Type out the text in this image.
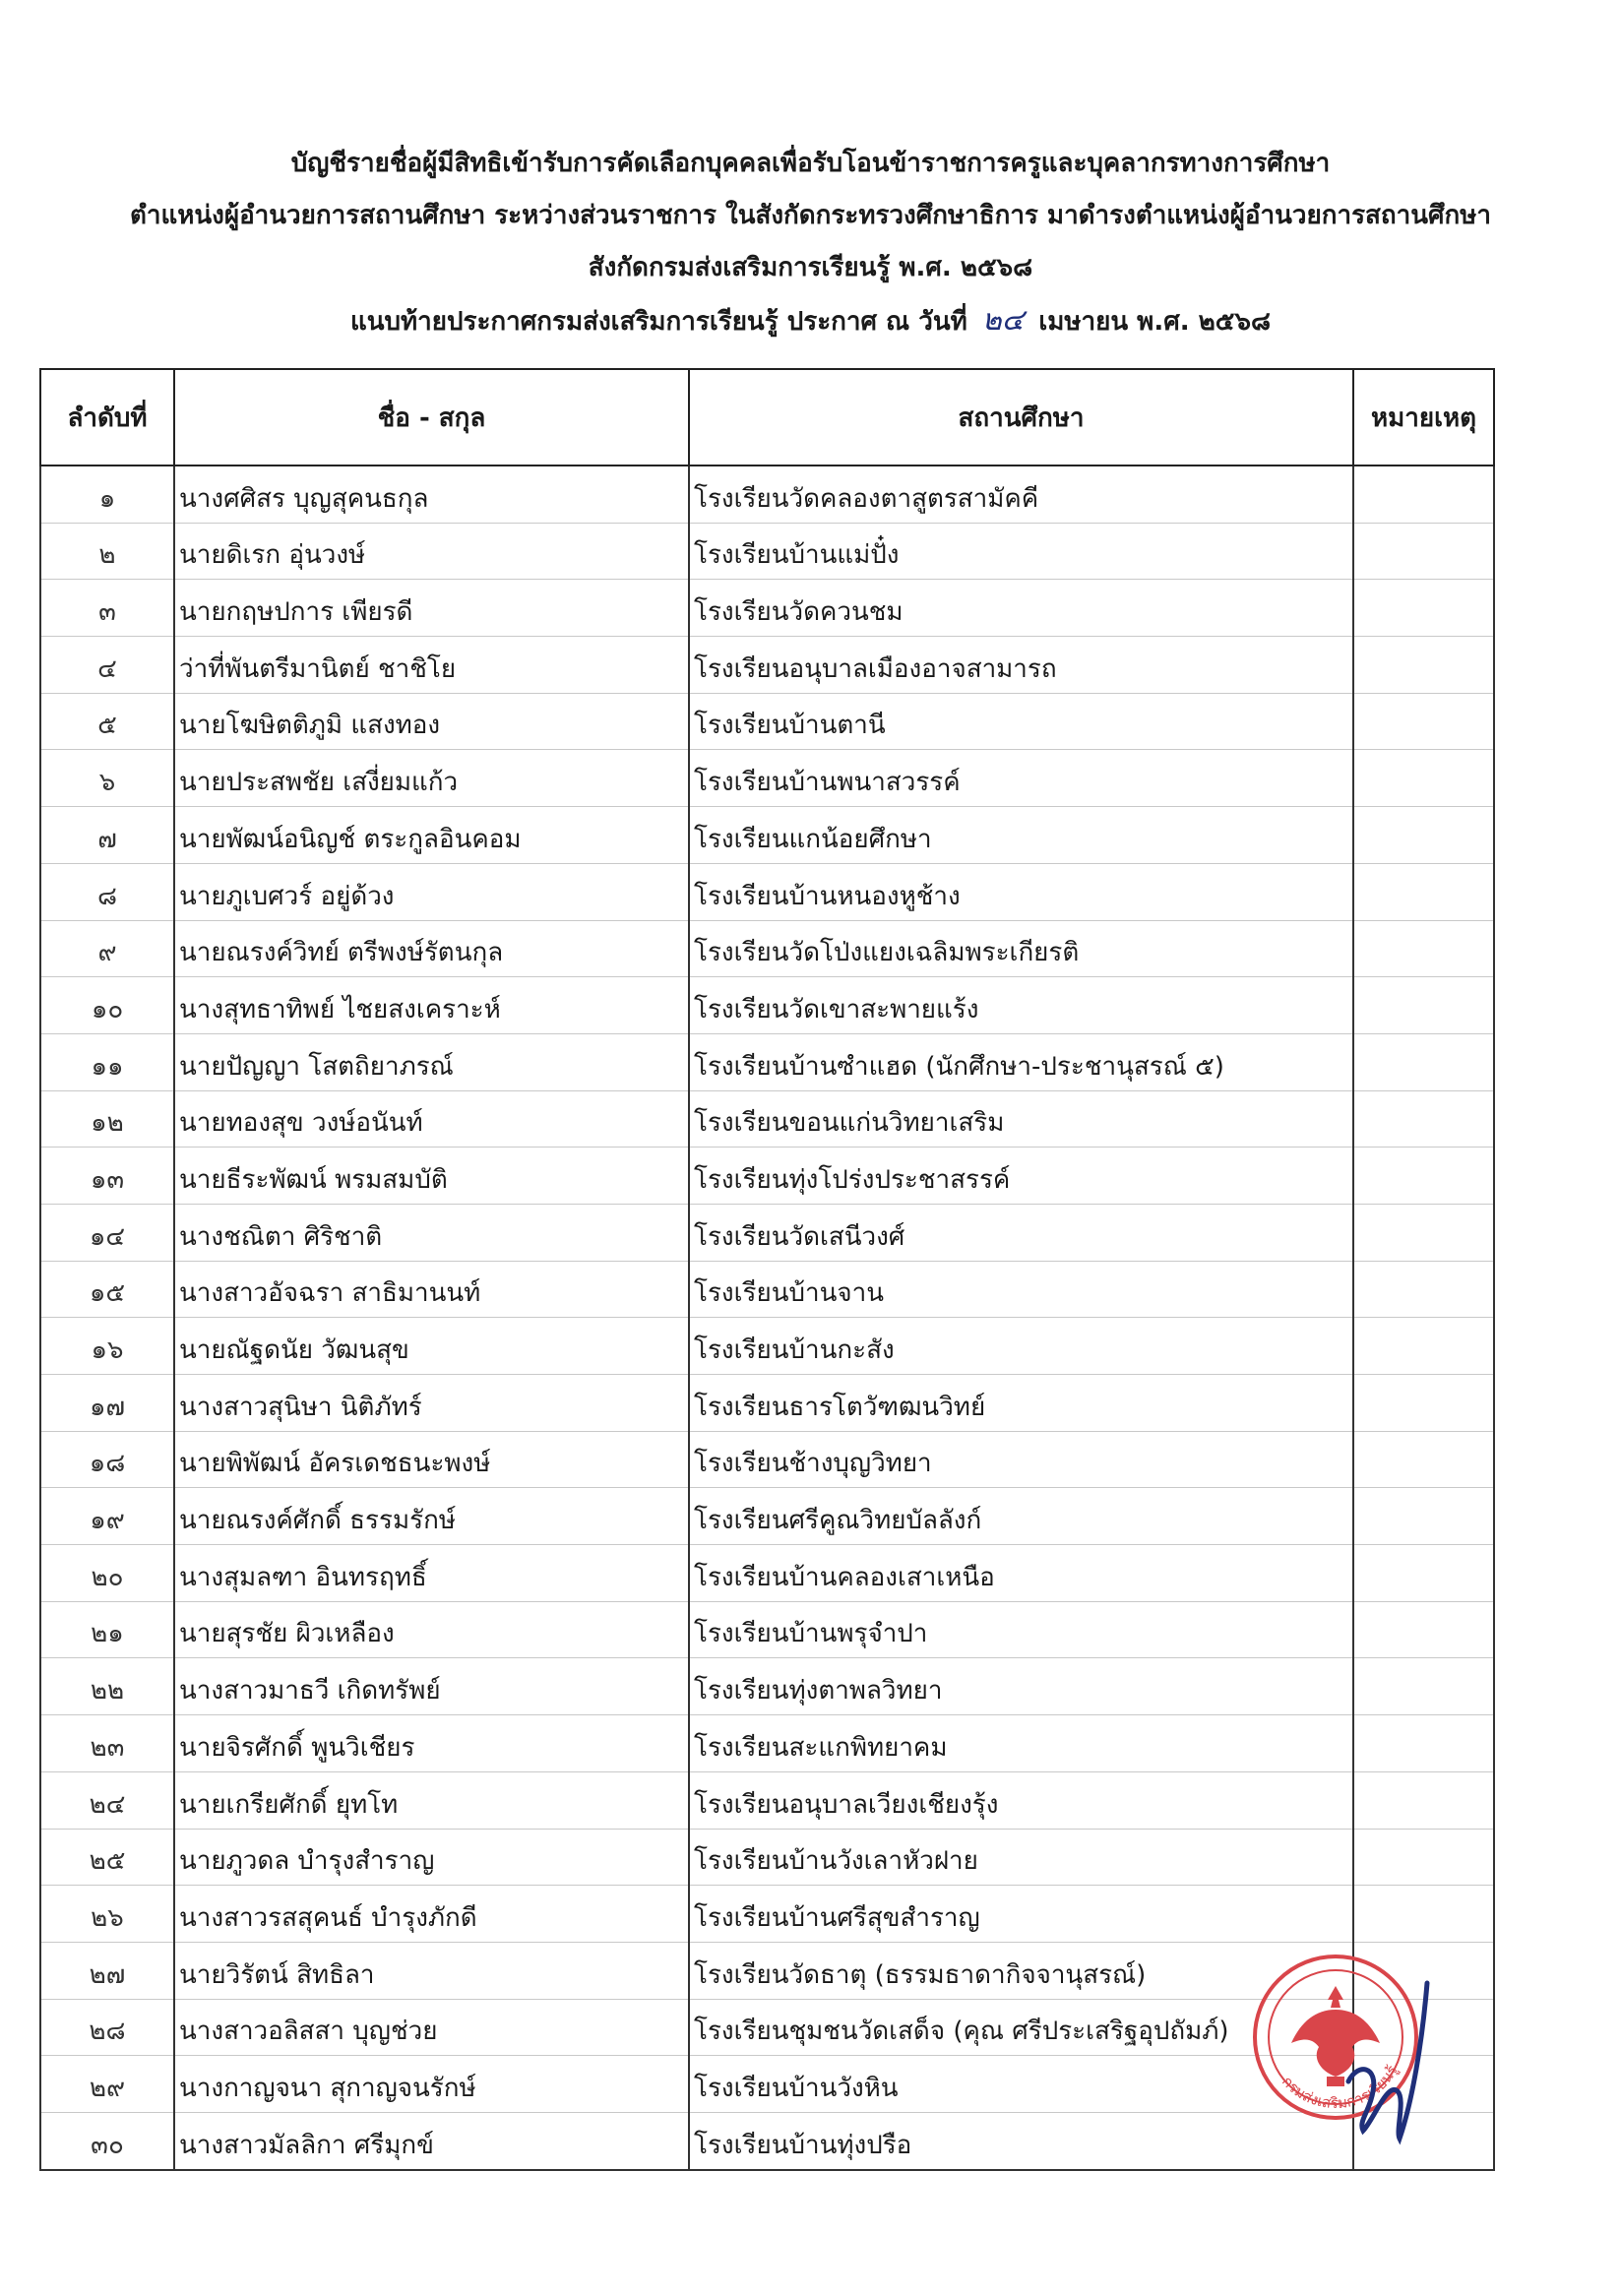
บัญชีรายชื่อผู้มีสิทธิเข้ารับการคัดเลือกบุคคลเพื่อรับโอนข้าราชการครูและบุคลากรทางการศึกษา
ตำแหน่งผู้อำนวยการสถานศึกษา ระหว่างส่วนราชการ ในสังกัดกระทรวงศึกษาธิการ มาดำรงตำแหน่งผู้อำนวยการสถานศึกษา
สังกัดกรมส่งเสริมการเรียนรู้ พ.ศ. ๒๕๖๘
แนบท้ายประกาศกรมส่งเสริมการเรียนรู้ ประกาศ ณ วันที่ ๒๔ เมษายน พ.ศ. ๒๕๖๘
ลำดับที่	ชื่อ - สกุล	สถานศึกษา	หมายเหตุ
๑	นางศศิสร บุญสุคนธกุล	โรงเรียนวัดคลองตาสูตรสามัคคี	
๒	นายดิเรก อุ่นวงษ์	โรงเรียนบ้านแม่ปั๋ง	
๓	นายกฤษปการ เพียรดี	โรงเรียนวัดควนชม	
๔	ว่าที่พันตรีมานิตย์ ชาชิโย	โรงเรียนอนุบาลเมืองอาจสามารถ	
๕	นายโฆษิตติภูมิ แสงทอง	โรงเรียนบ้านตานี	
๖	นายประสพชัย เสงี่ยมแก้ว	โรงเรียนบ้านพนาสวรรค์	
๗	นายพัฒน์อนิญช์ ตระกูลอินคอม	โรงเรียนแกน้อยศึกษา	
๘	นายภูเบศวร์ อยู่ด้วง	โรงเรียนบ้านหนองหูช้าง	
๙	นายณรงค์วิทย์ ตรีพงษ์รัตนกุล	โรงเรียนวัดโป่งแยงเฉลิมพระเกียรติ	
๑๐	นางสุทธาทิพย์ ไชยสงเคราะห์	โรงเรียนวัดเขาสะพายแร้ง	
๑๑	นายปัญญา โสตถิยาภรณ์	โรงเรียนบ้านซำแฮด (นักศึกษา-ประชานุสรณ์ ๕)	
๑๒	นายทองสุข วงษ์อนันท์	โรงเรียนขอนแก่นวิทยาเสริม	
๑๓	นายธีระพัฒน์ พรมสมบัติ	โรงเรียนทุ่งโปร่งประชาสรรค์	
๑๔	นางชณิตา ศิริชาติ	โรงเรียนวัดเสนีวงศ์	
๑๕	นางสาวอัจฉรา สาธิมานนท์	โรงเรียนบ้านจาน	
๑๖	นายณัฐดนัย วัฒนสุข	โรงเรียนบ้านกะสัง	
๑๗	นางสาวสุนิษา นิติภัทร์	โรงเรียนธารโตวัฑฒนวิทย์	
๑๘	นายพิพัฒน์ อัครเดชธนะพงษ์	โรงเรียนช้างบุญวิทยา	
๑๙	นายณรงค์ศักดิ์ ธรรมรักษ์	โรงเรียนศรีคูณวิทยบัลลังก์	
๒๐	นางสุมลฑา อินทรฤทธิ์	โรงเรียนบ้านคลองเสาเหนือ	
๒๑	นายสุรชัย ผิวเหลือง	โรงเรียนบ้านพรุจำปา	
๒๒	นางสาวมาธวี เกิดทรัพย์	โรงเรียนทุ่งตาพลวิทยา	
๒๓	นายจิรศักดิ์ พูนวิเชียร	โรงเรียนสะแกพิทยาคม	
๒๔	นายเกรียศักดิ์ ยุทโท	โรงเรียนอนุบาลเวียงเชียงรุ้ง	
๒๕	นายภูวดล บำรุงสำราญ	โรงเรียนบ้านวังเลาหัวฝาย	
๒๖	นางสาวรสสุคนธ์ บำรุงภักดี	โรงเรียนบ้านศรีสุขสำราญ	
๒๗	นายวิรัตน์ สิทธิลา	โรงเรียนวัดธาตุ (ธรรมธาดากิจจานุสรณ์)	
๒๘	นางสาวอลิสสา บุญช่วย	โรงเรียนชุมชนวัดเสด็จ (คุณ ศรีประเสริฐอุปถัมภ์)	
๒๙	นางกาญจนา สุกาญจนรักษ์	โรงเรียนบ้านวังหิน	
๓๐	นางสาวมัลลิกา ศรีมุกข์	โรงเรียนบ้านทุ่งปรือ	
กรมส่งเสริมการเรียนรู้
